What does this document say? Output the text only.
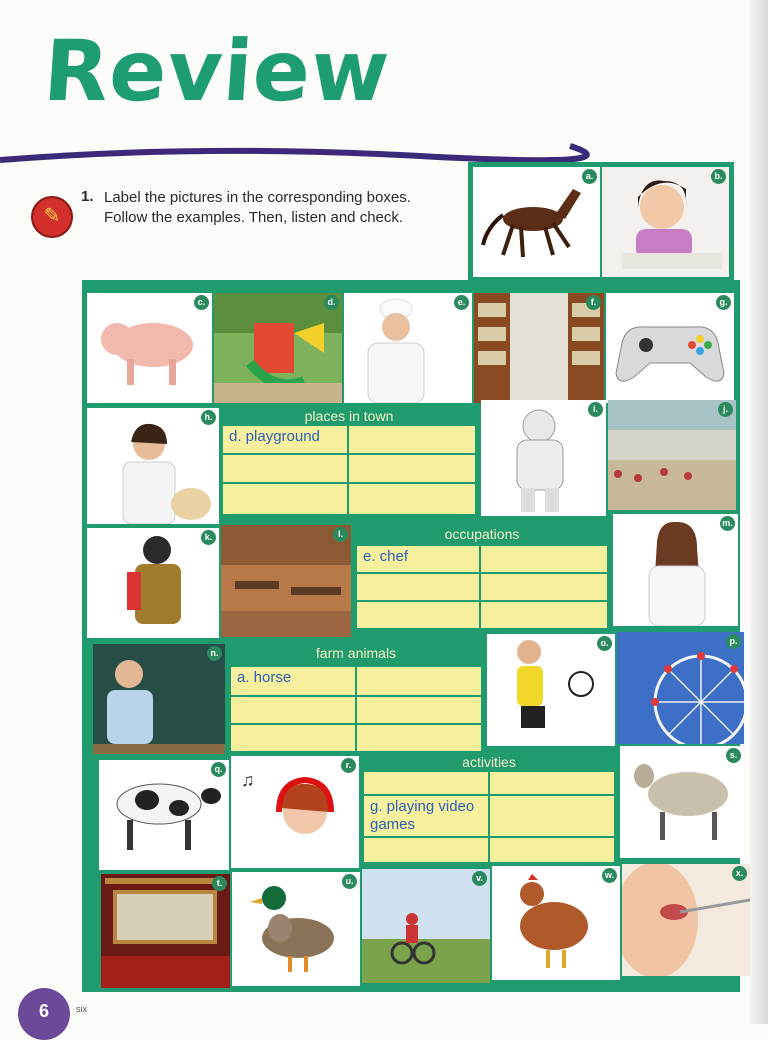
Review
✎
1. Label the pictures in the corresponding boxes. Follow the examples. Then, listen and check.
a.	b.
c.	d.	e.	f.	g.
h.	places in town
d. playground
i.	j.
k.	l.	occupations
e. chef
m.
n.	farm animals
a. horse
o.	p.
q.
♫
r.	activities
g. playing video games
s.
t.	u.	v.	w.	x.
6	six
